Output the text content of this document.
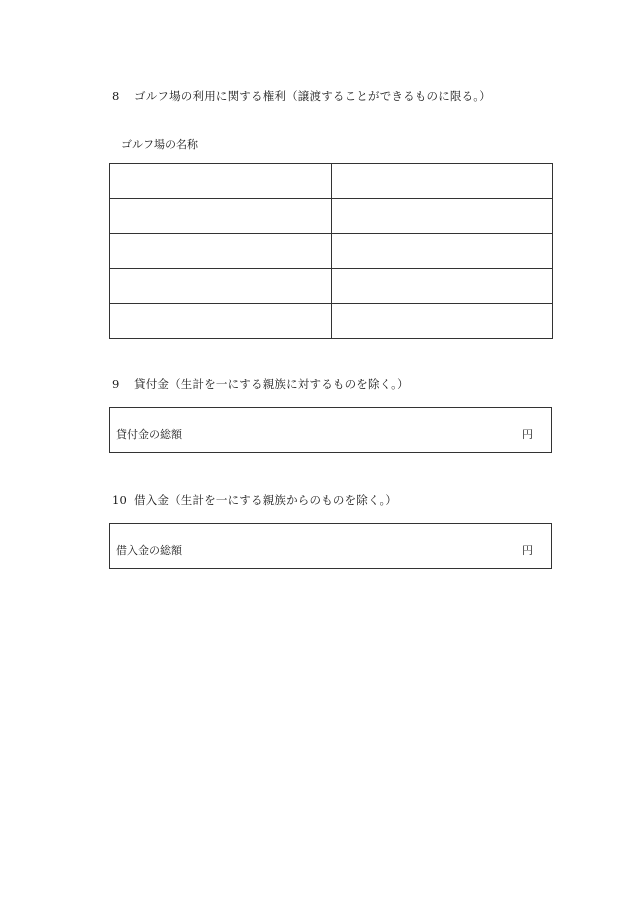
8 ゴルフ場の利用に関する権利（譲渡することができるものに限る。）
ゴルフ場の名称

9 貸付金（生計を一にする親族に対するものを除く。）
貸付金の総額	円
10 借入金（生計を一にする親族からのものを除く。）
借入金の総額	円
